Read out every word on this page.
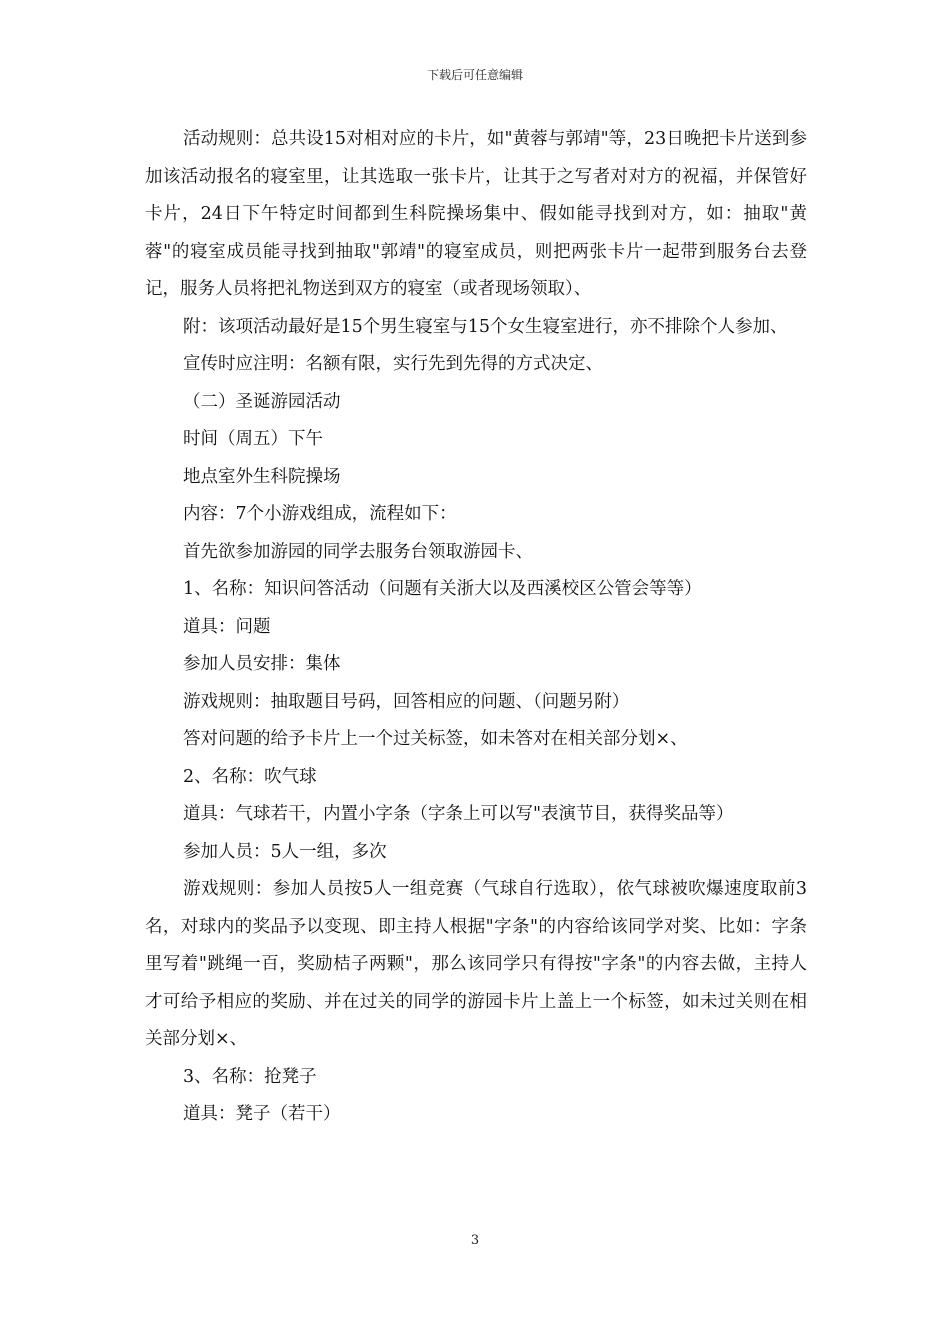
下载后可任意编辑

活动规则：总共设15对相对应的卡片，如"黄蓉与郭靖"等，23日晚把卡片送到参加该活动报名的寝室里，让其选取一张卡片，让其于之写者对对方的祝福，并保管好卡片，24日下午特定时间都到生科院操场集中、假如能寻找到对方，如：抽取"黄蓉"的寝室成员能寻找到抽取"郭靖"的寝室成员，则把两张卡片一起带到服务台去登记，服务人员将把礼物送到双方的寝室（或者现场领取）、

附：该项活动最好是15个男生寝室与15个女生寝室进行，亦不排除个人参加、

宣传时应注明：名额有限，实行先到先得的方式决定、

（二）圣诞游园活动

时间（周五）下午

地点室外生科院操场

内容：7个小游戏组成，流程如下：

首先欲参加游园的同学去服务台领取游园卡、

1、名称：知识问答活动（问题有关浙大以及西溪校区公管会等等）

道具：问题

参加人员安排：集体

游戏规则：抽取题目号码，回答相应的问题、（问题另附）

答对问题的给予卡片上一个过关标签，如未答对在相关部分划×、

2、名称：吹气球

道具：气球若干，内置小字条（字条上可以写"表演节目，获得奖品等）

参加人员：5人一组，多次

游戏规则：参加人员按5人一组竞赛（气球自行选取），依气球被吹爆速度取前3名，对球内的奖品予以变现、即主持人根据"字条"的内容给该同学对奖、比如：字条里写着"跳绳一百，奖励桔子两颗"，那么该同学只有得按"字条"的内容去做，主持人才可给予相应的奖励、并在过关的同学的游园卡片上盖上一个标签，如未过关则在相关部分划×、

3、名称：抢凳子

道具：凳子（若干）

3
